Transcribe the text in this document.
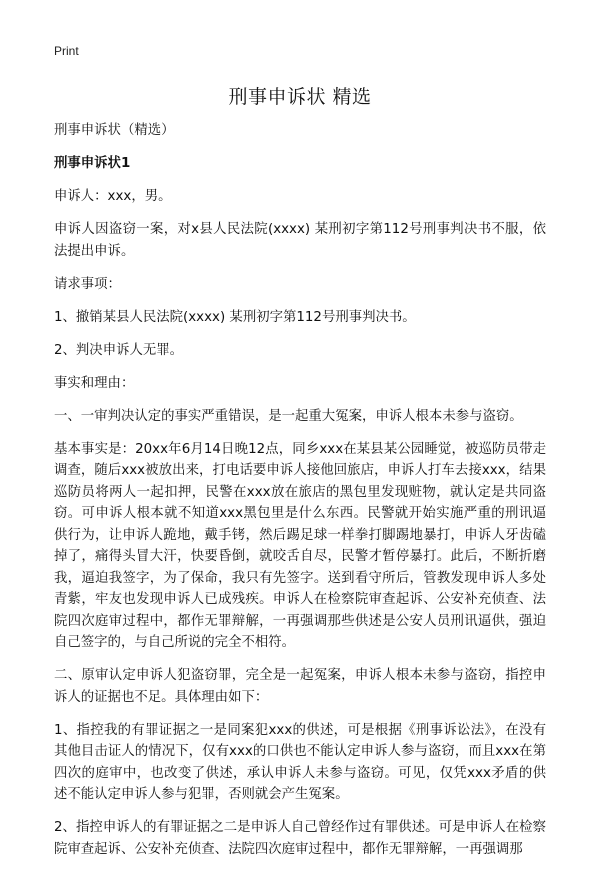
Print
刑事申诉状 精选

刑事申诉状（精选）

刑事申诉状1

申诉人：xxx，男。

申诉人因盗窃一案，对x县人民法院(xxxx) 某刑初字第112号刑事判决书不服，依法提出申诉。

请求事项：

1、撤销某县人民法院(xxxx) 某刑初字第112号刑事判决书。

2、判决申诉人无罪。

事实和理由：

一、一审判决认定的事实严重错误，是一起重大冤案，申诉人根本未参与盗窃。

基本事实是：20xx年6月14日晚12点，同乡xxx在某县某公园睡觉，被巡防员带走调查，随后xxx被放出来，打电话要申诉人接他回旅店，申诉人打车去接xxx，结果巡防员将两人一起扣押，民警在xxx放在旅店的黑包里发现赃物，就认定是共同盗窃。可申诉人根本就不知道xxx黑包里是什么东西。民警就开始实施严重的刑讯逼供行为，让申诉人跪地，戴手铐，然后踢足球一样拳打脚踢地暴打，申诉人牙齿磕掉了，痛得头冒大汗，快要昏倒，就咬舌自尽，民警才暂停暴打。此后，不断折磨我，逼迫我签字，为了保命，我只有先签字。送到看守所后，管教发现申诉人多处青紫，牢友也发现申诉人已成残疾。申诉人在检察院审查起诉、公安补充侦查、法院四次庭审过程中，都作无罪辩解，一再强调那些供述是公安人员刑讯逼供，强迫自己签字的，与自己所说的完全不相符。

二、原审认定申诉人犯盗窃罪，完全是一起冤案，申诉人根本未参与盗窃，指控申诉人的证据也不足。具体理由如下：

1、指控我的有罪证据之一是同案犯xxx的供述，可是根据《刑事诉讼法》，在没有其他目击证人的情况下，仅有xxx的口供也不能认定申诉人参与盗窃，而且xxx在第四次的庭审中，也改变了供述，承认申诉人未参与盗窃。可见，仅凭xxx矛盾的供述不能认定申诉人参与犯罪，否则就会产生冤案。

2、指控申诉人的有罪证据之二是申诉人自己曾经作过有罪供述。可是申诉人在检察院审查起诉、公安补充侦查、法院四次庭审过程中，都作无罪辩解，一再强调那
